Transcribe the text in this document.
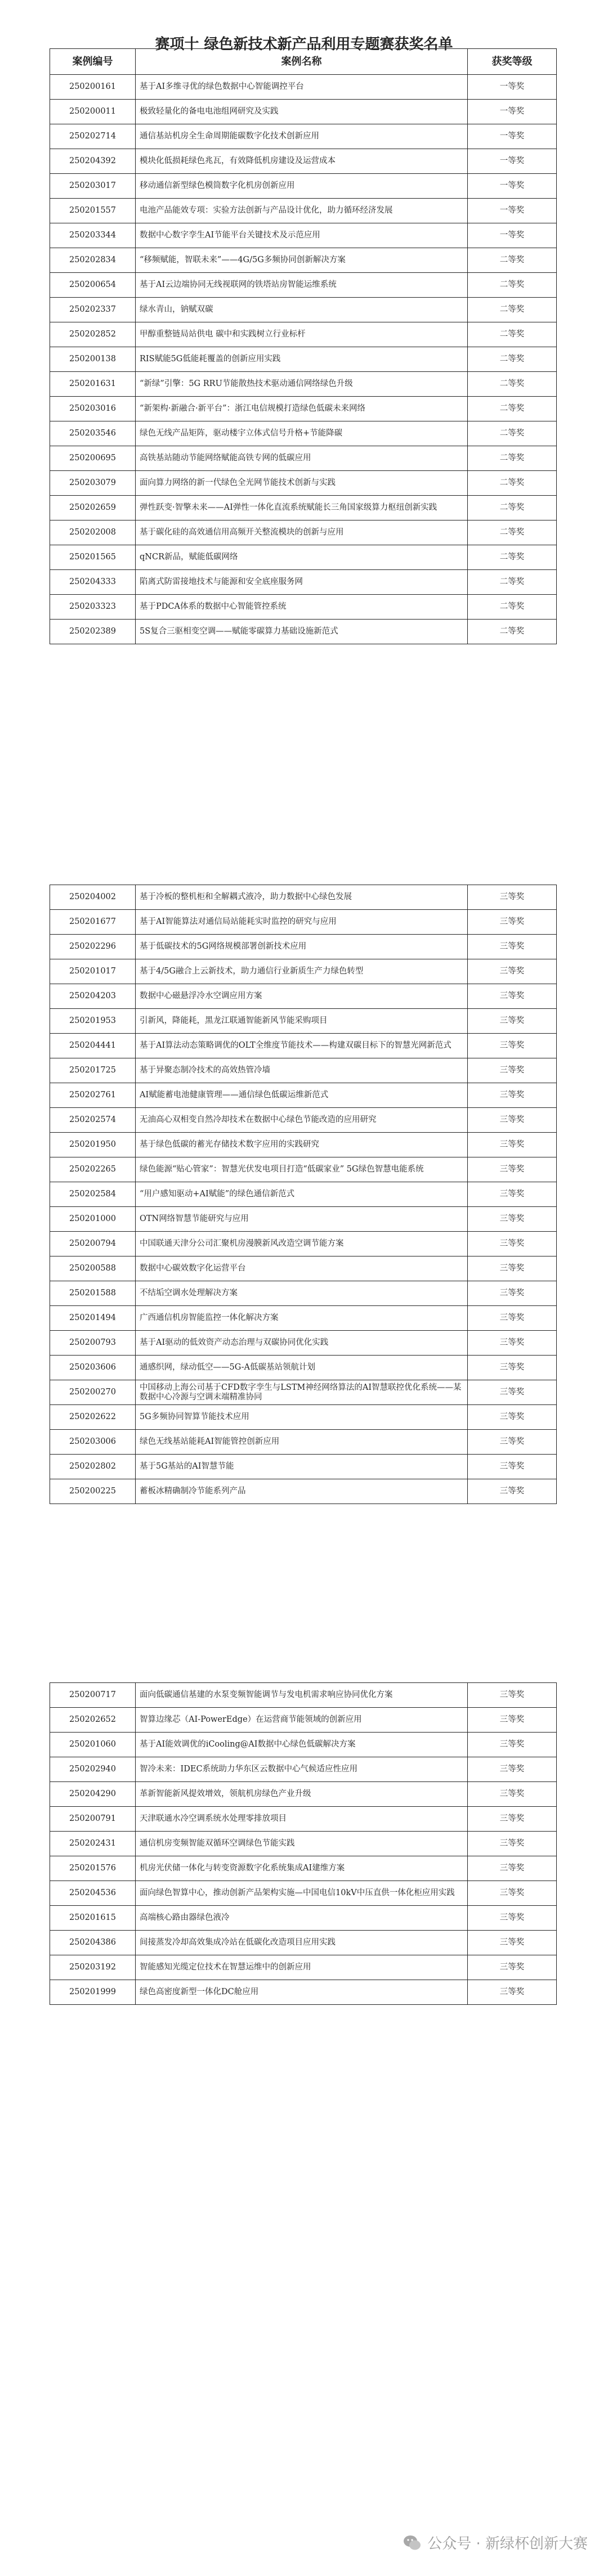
赛项十 绿色新技术新产品利用专题赛获奖名单
案例编号	案例名称	获奖等级
250200161	基于AI多维寻优的绿色数据中心智能调控平台	一等奖
250200011	极致轻量化的备电电池组网研究及实践	一等奖
250202714	通信基站机房全生命周期能碳数字化技术创新应用	一等奖
250204392	模块化低损耗绿色兆瓦，有效降低机房建设及运营成本	一等奖
250203017	移动通信新型绿色模筒数字化机房创新应用	一等奖
250201557	电池产品能效专项：实验方法创新与产品设计优化，助力循环经济发展	一等奖
250203344	数据中心数字孪生AI节能平台关键技术及示范应用	一等奖
250202834	“移频赋能，智联未来”——4G/5G多频协同创新解决方案	二等奖
250200654	基于AI云边端协同无线视联网的铁塔站房智能运维系统	二等奖
250202337	绿水青山，钠赋双碳	二等奖
250202852	甲醇重整链局站供电 碳中和实践树立行业标杆	二等奖
250200138	RIS赋能5G低能耗覆盖的创新应用实践	二等奖
250201631	“新绿”引擎：5G RRU节能散热技术驱动通信网络绿色升级	二等奖
250203016	“新架构·新融合·新平台”：浙江电信规模打造绿色低碳未来网络	二等奖
250203546	绿色无线产品矩阵，驱动楼宇立体式信号升格+节能降碳	二等奖
250200695	高铁基站随动节能网络赋能高铁专网的低碳应用	二等奖
250203079	面向算力网络的新一代绿色全光网节能技术创新与实践	二等奖
250202659	弹性跃变·智擎未来——AI弹性一体化直流系统赋能长三角国家级算力枢纽创新实践	二等奖
250202008	基于碳化硅的高效通信用高频开关整流模块的创新与应用	二等奖
250201565	qNCR新品，赋能低碳网络	二等奖
250204333	陷离式防雷接地技术与能源和安全底座服务网	二等奖
250203323	基于PDCA体系的数据中心智能管控系统	二等奖
250202389	5S复合三驱相变空调——赋能零碳算力基础设施新范式	二等奖
250204002	基于冷板的整机柜和全解耦式液冷，助力数据中心绿色发展	三等奖
250201677	基于AI智能算法对通信局站能耗实时监控的研究与应用	三等奖
250202296	基于低碳技术的5G网络规模部署创新技术应用	三等奖
250201017	基于4/5G融合上云新技术，助力通信行业新质生产力绿色转型	三等奖
250204203	数据中心磁悬浮冷水空调应用方案	三等奖
250201953	引新风，降能耗，黑龙江联通智能新风节能采购项目	三等奖
250204441	基于AI算法动态策略调优的OLT全维度节能技术——构建双碳目标下的智慧光网新范式	三等奖
250201725	基于异聚态制冷技术的高效热管冷墙	三等奖
250202761	AI赋能蓄电池健康管理——通信绿色低碳运维新范式	三等奖
250202574	无油高心双相变自然冷却技术在数据中心绿色节能改造的应用研究	三等奖
250201950	基于绿色低碳的蓄光存储技术数字应用的实践研究	三等奖
250202265	绿色能源“贴心管家”：智慧光伏发电项目打造“低碳家业” 5G绿色智慧电能系统	三等奖
250202584	“用户感知驱动+AI赋能”的绿色通信新范式	三等奖
250201000	OTN网络智慧节能研究与应用	三等奖
250200794	中国联通天津分公司汇聚机房漫膜新风改造空调节能方案	三等奖
250200588	数据中心碳效数字化运营平台	三等奖
250201588	不结垢空调水处理解决方案	三等奖
250201494	广西通信机房智能监控一体化解决方案	三等奖
250200793	基于AI驱动的低效资产动态治理与双碳协同优化实践	三等奖
250203606	通感织网，绿动低空——5G-A低碳基站领航计划	三等奖
250200270	中国移动上海公司基于CFD数字孪生与LSTM神经网络算法的AI智慧联控优化系统——某数据中心冷源与空调末端精准协同	三等奖
250202622	5G多频协同智算节能技术应用	三等奖
250203006	绿色无线基站能耗AI智能管控创新应用	三等奖
250202802	基于5G基站的AI智慧节能	三等奖
250200225	蓄板冰精确制冷节能系列产品	三等奖
250200717	面向低碳通信基建的水泵变频智能调节与发电机需求响应协同优化方案	三等奖
250202652	智算边缘芯（AI-PowerEdge）在运营商节能领域的创新应用	三等奖
250201060	基于AI能效调优的iCooling@AI数据中心绿色低碳解决方案	三等奖
250202940	智冷未来：IDEC系统助力华东区云数据中心气候适应性应用	三等奖
250204290	革新智能新风提效增效，领航机房绿色产业升级	三等奖
250200791	天津联通水冷空调系统水处理零排放项目	三等奖
250202431	通信机房变频智能双循环空调绿色节能实践	三等奖
250201576	机房光伏储一体化与转变资源数字化系统集成AI建维方案	三等奖
250204536	面向绿色智算中心，推动创新产品架构实施—中国电信10kV中压直供一体化柜应用实践	三等奖
250201615	高端核心路由器绿色液冷	三等奖
250204386	间接蒸发冷却高效集成冷站在低碳化改造项目应用实践	三等奖
250203192	智能感知光缆定位技术在智慧运维中的创新应用	三等奖
250201999	绿色高密度新型一体化DC舱应用	三等奖
公众号 · 新绿杯创新大赛
